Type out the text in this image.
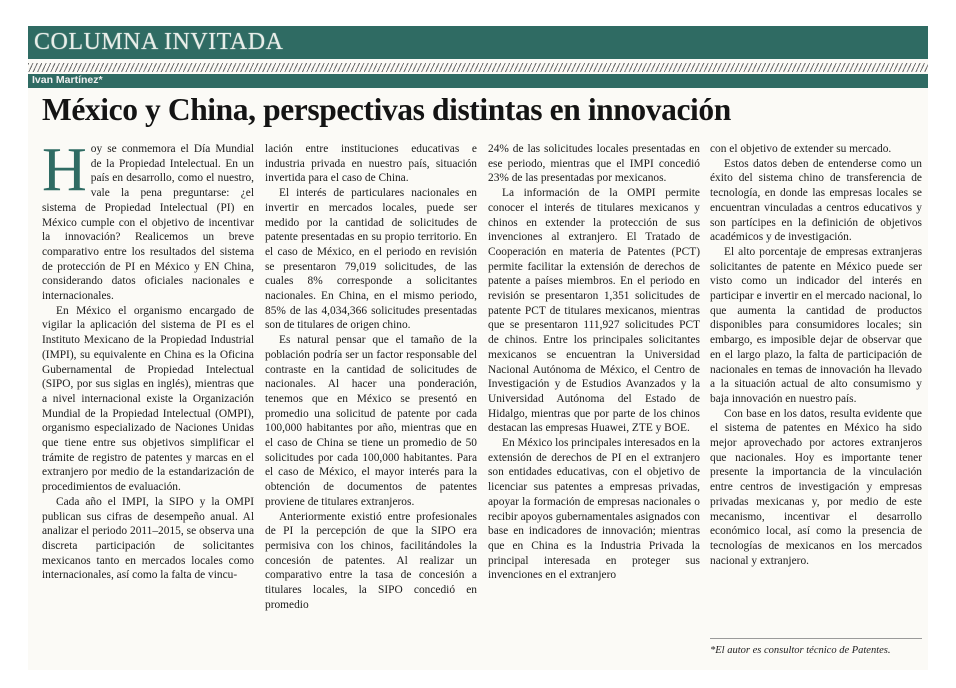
COLUMNA INVITADA
Ivan Martínez*
México y China, perspectivas distintas en innovación

Hoy se conmemora el Día Mundial de la Propiedad Intelectual. En un país en desarrollo, como el nuestro, vale la pena preguntarse: ¿el sistema de Propiedad Intelectual (PI) en México cumple con el objetivo de incentivar la innovación? Realicemos un breve comparativo entre los resultados del sistema de protección de PI en México y EN China, considerando datos oficiales nacionales e internacionales.

En México el organismo encargado de vigilar la aplicación del sistema de PI es el Instituto Mexicano de la Propiedad Industrial (IMPI), su equivalente en China es la Oficina Gubernamental de Propiedad Intelectual (SIPO, por sus siglas en inglés), mientras que a nivel internacional existe la Organización Mundial de la Propiedad Intelectual (OMPI), organismo especializado de Naciones Unidas que tiene entre sus objetivos simplificar el trámite de registro de patentes y marcas en el extranjero por medio de la estandarización de procedimientos de evaluación.

Cada año el IMPI, la SIPO y la OMPI publican sus cifras de desempeño anual. Al analizar el periodo 2011–2015, se observa una discreta participación de solicitantes mexicanos tanto en mercados locales como internacionales, así como la falta de vincu-

lación entre instituciones educativas e industria privada en nuestro país, situación invertida para el caso de China.

El interés de particulares nacionales en invertir en mercados locales, puede ser medido por la cantidad de solicitudes de patente presentadas en su propio territorio. En el caso de México, en el periodo en revisión se presentaron 79,019 solicitudes, de las cuales 8% corresponde a solicitantes nacionales. En China, en el mismo periodo, 85% de las 4,034,366 solicitudes presentadas son de titulares de origen chino.

Es natural pensar que el tamaño de la población podría ser un factor responsable del contraste en la cantidad de solicitudes de nacionales. Al hacer una ponderación, tenemos que en México se presentó en promedio una solicitud de patente por cada 100,000 habitantes por año, mientras que en el caso de China se tiene un promedio de 50 solicitudes por cada 100,000 habitantes. Para el caso de México, el mayor interés para la obtención de documentos de patentes proviene de titulares extranjeros.

Anteriormente existió entre profesionales de PI la percepción de que la SIPO era permisiva con los chinos, facilitándoles la concesión de patentes. Al realizar un comparativo entre la tasa de concesión a titulares locales, la SIPO concedió en promedio

24% de las solicitudes locales presentadas en ese periodo, mientras que el IMPI concedió 23% de las presentadas por mexicanos.

La información de la OMPI permite conocer el interés de titulares mexicanos y chinos en extender la protección de sus invenciones al extranjero. El Tratado de Cooperación en materia de Patentes (PCT) permite facilitar la extensión de derechos de patente a países miembros. En el periodo en revisión se presentaron 1,351 solicitudes de patente PCT de titulares mexicanos, mientras que se presentaron 111,927 solicitudes PCT de chinos. Entre los principales solicitantes mexicanos se encuentran la Universidad Nacional Autónoma de México, el Centro de Investigación y de Estudios Avanzados y la Universidad Autónoma del Estado de Hidalgo, mientras que por parte de los chinos destacan las empresas Huawei, ZTE y BOE.

En México los principales interesados en la extensión de derechos de PI en el extranjero son entidades educativas, con el objetivo de licenciar sus patentes a empresas privadas, apoyar la formación de empresas nacionales o recibir apoyos gubernamentales asignados con base en indicadores de innovación; mientras que en China es la Industria Privada la principal interesada en proteger sus invenciones en el extranjero

con el objetivo de extender su mercado.

Estos datos deben de entenderse como un éxito del sistema chino de transferencia de tecnología, en donde las empresas locales se encuentran vinculadas a centros educativos y son partícipes en la definición de objetivos académicos y de investigación.

El alto porcentaje de empresas extranjeras solicitantes de patente en México puede ser visto como un indicador del interés en participar e invertir en el mercado nacional, lo que aumenta la cantidad de productos disponibles para consumidores locales; sin embargo, es imposible dejar de observar que en el largo plazo, la falta de participación de nacionales en temas de innovación ha llevado a la situación actual de alto consumismo y baja innovación en nuestro país.

Con base en los datos, resulta evidente que el sistema de patentes en México ha sido mejor aprovechado por actores extranjeros que nacionales. Hoy es importante tener presente la importancia de la vinculación entre centros de investigación y empresas privadas mexicanas y, por medio de este mecanismo, incentivar el desarrollo económico local, así como la presencia de tecnologías de mexicanos en los mercados nacional y extranjero.

*El autor es consultor técnico de Patentes.
